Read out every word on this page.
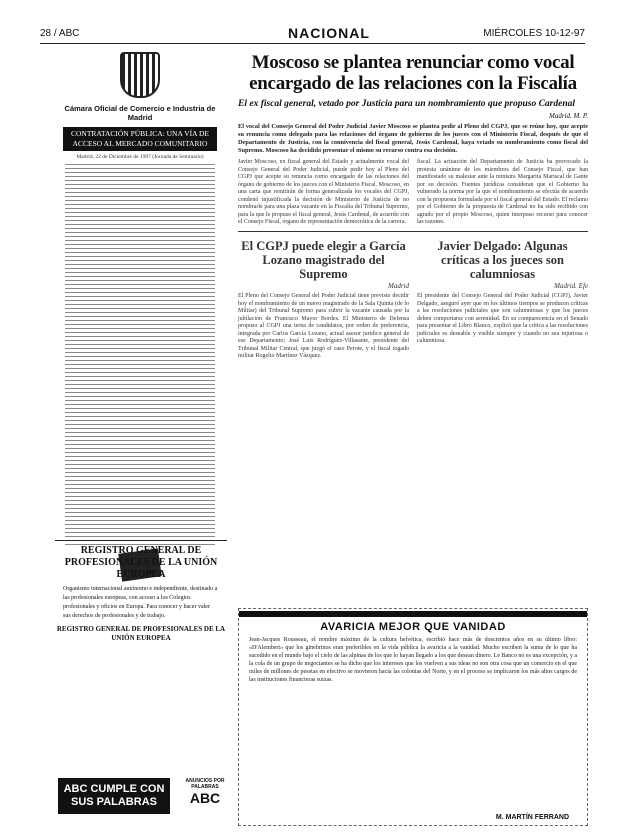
28 / ABC	NACIONAL	MIÉRCOLES 10-12-97
Cámara Oficial de Comercio e Industria de Madrid
CONTRATACIÓN PÚBLICA: UNA VÍA DE ACCESO AL MERCADO COMUNITARIO
Madrid, 22 de Diciembre de 1997 (Jornada de Seminario)
REGISTRO GENERAL DE PROFESIONALES DE LA UNIÓN EUROPEA
Organismo internacional autónomo e independiente, destinado a las profesionales europeas, con acceso a los Colegios profesionales y oficios en Europa. Para conocer y hacer valer sus derechos de profesionales y de trabajo.
REGISTRO GENERAL DE PROFESIONALES DE LA UNIÓN EUROPEA
ABC CUMPLE CON SUS PALABRAS
ANUNCIOS POR PALABRAS
ABC
Moscoso se plantea renunciar como vocal encargado de las relaciones con la Fiscalía
El ex fiscal general, vetado por Justicia para un nombramiento que propuso Cardenal
Madrid. M. P.
El vocal del Consejo General del Poder Judicial Javier Moscoso se plantea pedir al Pleno del CGPJ, que se reúne hoy, que acepte su renuncia como delegado para las relaciones del órgano de gobierno de los jueces con el Ministerio Fiscal, después de que el Departamento de Justicia, con la connivencia del fiscal general, Jesús Cardenal, haya vetado su nombramiento como fiscal del Supremo. Moscoso ha decidido presentar el mismo su recurso contra esa decisión.
Javier Moscoso, ex fiscal general del Estado y actualmente vocal del Consejo General del Poder Judicial, puede pedir hoy al Pleno del CGPJ que acepte su renuncia como encargado de las relaciones del órgano de gobierno de los jueces con el Ministerio Fiscal. Moscoso, en una carta que remitirán de forma generalizada los vocales del CGPJ, condenó injustificada la decisión de Ministerio de Justicia de no nombrarle para una plaza vacante en la Fiscalía del Tribunal Supremo, para la que le propuso el fiscal general, Jesús Cardenal, de acuerdo con el Consejo Fiscal, órgano de representación democrática de la carrera.
fiscal. La actuación del Departamento de Justicia ha provocado la protesta unánime de los miembros del Consejo Fiscal, que han manifestado su malestar ante la ministra Margarita Mariscal de Gante por su decisión. Fuentes jurídicas consideran que el Gobierno ha vulnerado la norma por la que el nombramiento se efectúa de acuerdo con la propuesta formulada por el fiscal general del Estado. El reclamo por el Gobierno de la propuesta de Cardenal no ha sido recibido con agrado por el propio Moscoso, quien interpuso recurso para conocer las razones.
El CGPJ puede elegir a García Lozano magistrado del Supremo
Madrid
El Pleno del Consejo General del Poder Judicial tiene previsto decidir hoy el nombramiento de un nuevo magistrado de la Sala Quinta (de lo Militar) del Tribunal Supremo para cubrir la vacante causada por la jubilación de Francisco Mayor Bordes. El Ministerio de Defensa propuso al CGPJ una terna de candidatos, por orden de preferencia, integrada por Carlos García Lozano, actual asesor jurídico general de ese Departamento; José Luis Rodríguez-Villasante, presidente del Tribunal Militar Central, que juzgó el caso Perote, y el fiscal togado militar Rogelio Martínez Vázquez.
Javier Delgado: Algunas críticas a los jueces son calumniosas
Madrid. Efe
El presidente del Consejo General del Poder Judicial (CGPJ), Javier Delgado, aseguró ayer que en los últimos tiempos se producen críticas a las resoluciones judiciales que son calumniosas y que los jueces deben comportarse con serenidad. En su comparecencia en el Senado para presentar el Libro Blanco, explicó que la crítica a las resoluciones judiciales es deseable y visible siempre y cuando no sea injuriosa o calumniosa.
AVARICIA MEJOR QUE VANIDAD
Jean-Jacques Rousseau, el nombre máximo de la cultura helvética, escribió hace más de doscientos años en su último libro: «D'Alembert» que los ginebrinos eran preferibles en la vida pública la avaricia a la vanidad. Mucho escriben la suma de lo que ha sucedido en el mundo bajo el cielo de las alpinas de los que lo hayan llegado a los que desean dinero. Le Banco no es una excepción, y a la cola de un grupo de negociantes se ha dicho que los intereses que los vuelven a sus ideas no son otra cosa que un comercio en el que miles de millones de pesetas en efectivo se movieron hacia las colonias del Norte, y en el proceso se implicaron los más altos cargos de las instituciones financieras suizas.
M. MARTÍN FERRAND
